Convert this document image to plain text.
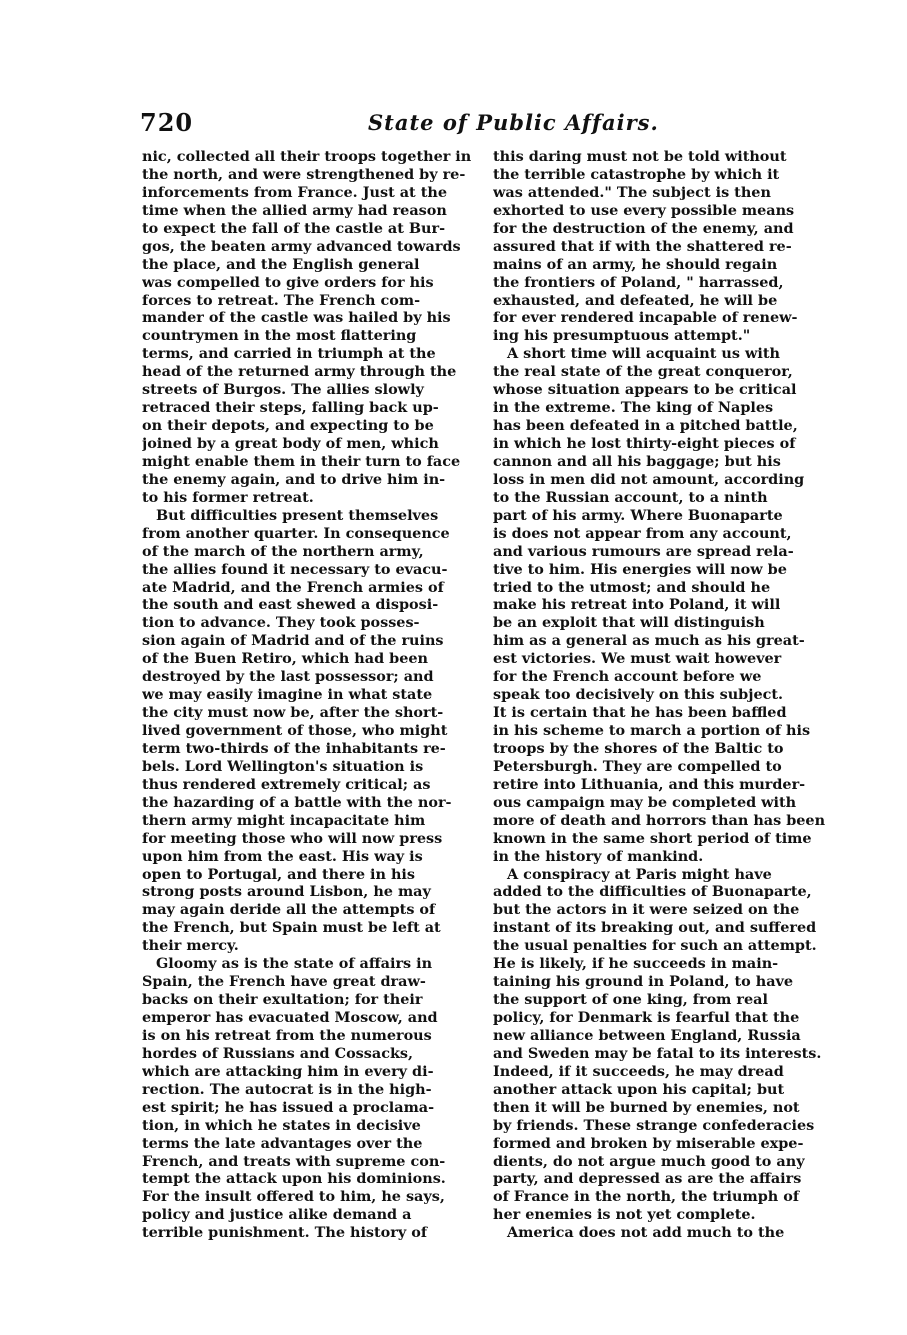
720	State of Public Affairs.
nic, collected all their troops together in
the north, and were strengthened by re-
inforcements from France. Just at the
time when the allied army had reason
to expect the fall of the castle at Bur-
gos, the beaten army advanced towards
the place, and the English general
was compelled to give orders for his
forces to retreat. The French com-
mander of the castle was hailed by his
countrymen in the most flattering
terms, and carried in triumph at the
head of the returned army through the
streets of Burgos. The allies slowly
retraced their steps, falling back up-
on their depots, and expecting to be
joined by a great body of men, which
might enable them in their turn to face
the enemy again, and to drive him in-
to his former retreat.
But difficulties present themselves
from another quarter. In consequence
of the march of the northern army,
the allies found it necessary to evacu-
ate Madrid, and the French armies of
the south and east shewed a disposi-
tion to advance. They took posses-
sion again of Madrid and of the ruins
of the Buen Retiro, which had been
destroyed by the last possessor; and
we may easily imagine in what state
the city must now be, after the short-
lived government of those, who might
term two-thirds of the inhabitants re-
bels. Lord Wellington's situation is
thus rendered extremely critical; as
the hazarding of a battle with the nor-
thern army might incapacitate him
for meeting those who will now press
upon him from the east. His way is
open to Portugal, and there in his
strong posts around Lisbon, he may
may again deride all the attempts of
the French, but Spain must be left at
their mercy.
Gloomy as is the state of affairs in
Spain, the French have great draw-
backs on their exultation; for their
emperor has evacuated Moscow, and
is on his retreat from the numerous
hordes of Russians and Cossacks,
which are attacking him in every di-
rection. The autocrat is in the high-
est spirit; he has issued a proclama-
tion, in which he states in decisive
terms the late advantages over the
French, and treats with supreme con-
tempt the attack upon his dominions.
For the insult offered to him, he says,
policy and justice alike demand a
terrible punishment. The history of
this daring must not be told without
the terrible catastrophe by which it
was attended." The subject is then
exhorted to use every possible means
for the destruction of the enemy, and
assured that if with the shattered re-
mains of an army, he should regain
the frontiers of Poland, " harrassed,
exhausted, and defeated, he will be
for ever rendered incapable of renew-
ing his presumptuous attempt."
A short time will acquaint us with
the real state of the great conqueror,
whose situation appears to be critical
in the extreme. The king of Naples
has been defeated in a pitched battle,
in which he lost thirty-eight pieces of
cannon and all his baggage; but his
loss in men did not amount, according
to the Russian account, to a ninth
part of his army. Where Buonaparte
is does not appear from any account,
and various rumours are spread rela-
tive to him. His energies will now be
tried to the utmost; and should he
make his retreat into Poland, it will
be an exploit that will distinguish
him as a general as much as his great-
est victories. We must wait however
for the French account before we
speak too decisively on this subject.
It is certain that he has been baffled
in his scheme to march a portion of his
troops by the shores of the Baltic to
Petersburgh. They are compelled to
retire into Lithuania, and this murder-
ous campaign may be completed with
more of death and horrors than has been
known in the same short period of time
in the history of mankind.
A conspiracy at Paris might have
added to the difficulties of Buonaparte,
but the actors in it were seized on the
instant of its breaking out, and suffered
the usual penalties for such an attempt.
He is likely, if he succeeds in main-
taining his ground in Poland, to have
the support of one king, from real
policy, for Denmark is fearful that the
new alliance between England, Russia
and Sweden may be fatal to its interests.
Indeed, if it succeeds, he may dread
another attack upon his capital; but
then it will be burned by enemies, not
by friends. These strange confederacies
formed and broken by miserable expe-
dients, do not argue much good to any
party, and depressed as are the affairs
of France in the north, the triumph of
her enemies is not yet complete.
America does not add much to the
